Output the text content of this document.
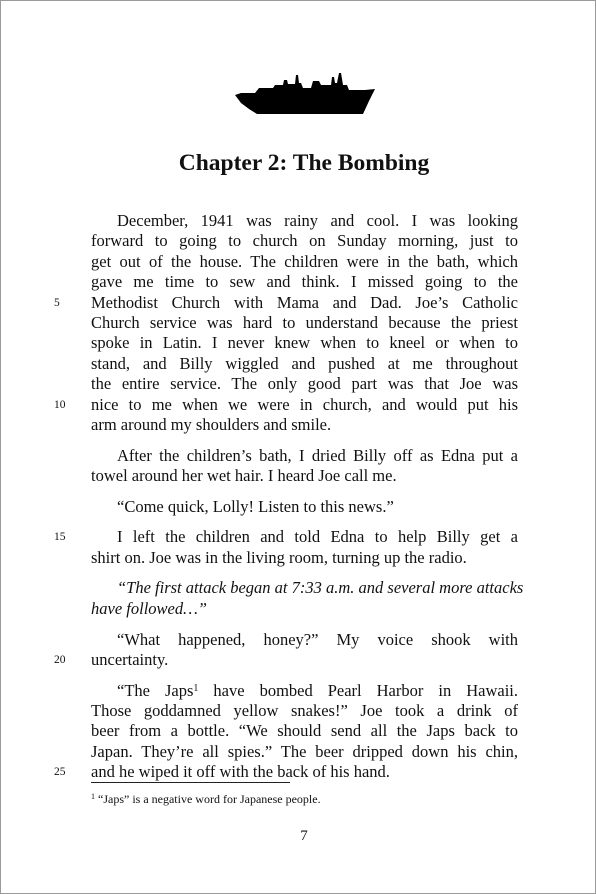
Chapter 2: The Bombing
December, 1941 was rainy and cool. I was looking
forward to going to church on Sunday morning, just to
get out of the house. The children were in the bath, which
gave me time to sew and think. I missed going to the
5 Methodist Church with Mama and Dad. Joe’s Catholic
Church service was hard to understand because the priest
spoke in Latin. I never knew when to kneel or when to
stand, and Billy wiggled and pushed at me throughout
the entire service. The only good part was that Joe was
10 nice to me when we were in church, and would put his
arm around my shoulders and smile.
After the children’s bath, I dried Billy off as Edna put a
towel around her wet hair. I heard Joe call me.
“Come quick, Lolly! Listen to this news.”
15	I left the children and told Edna to help Billy get a
shirt on. Joe was in the living room, turning up the radio.
“The first attack began at 7:33 a.m. and several more attacks
have followed…”
“What happened, honey?” My voice shook with
20 uncertainty.
“The Japs$^1$ have bombed Pearl Harbor in Hawaii.
Those goddamned yellow snakes!” Joe took a drink of
beer from a bottle. “We should send all the Japs back to
Japan. They’re all spies.” The beer dripped down his chin,
25 and he wiped it off with the back of his hand.
$^1$ “Japs” is a negative word for Japanese people.
7
